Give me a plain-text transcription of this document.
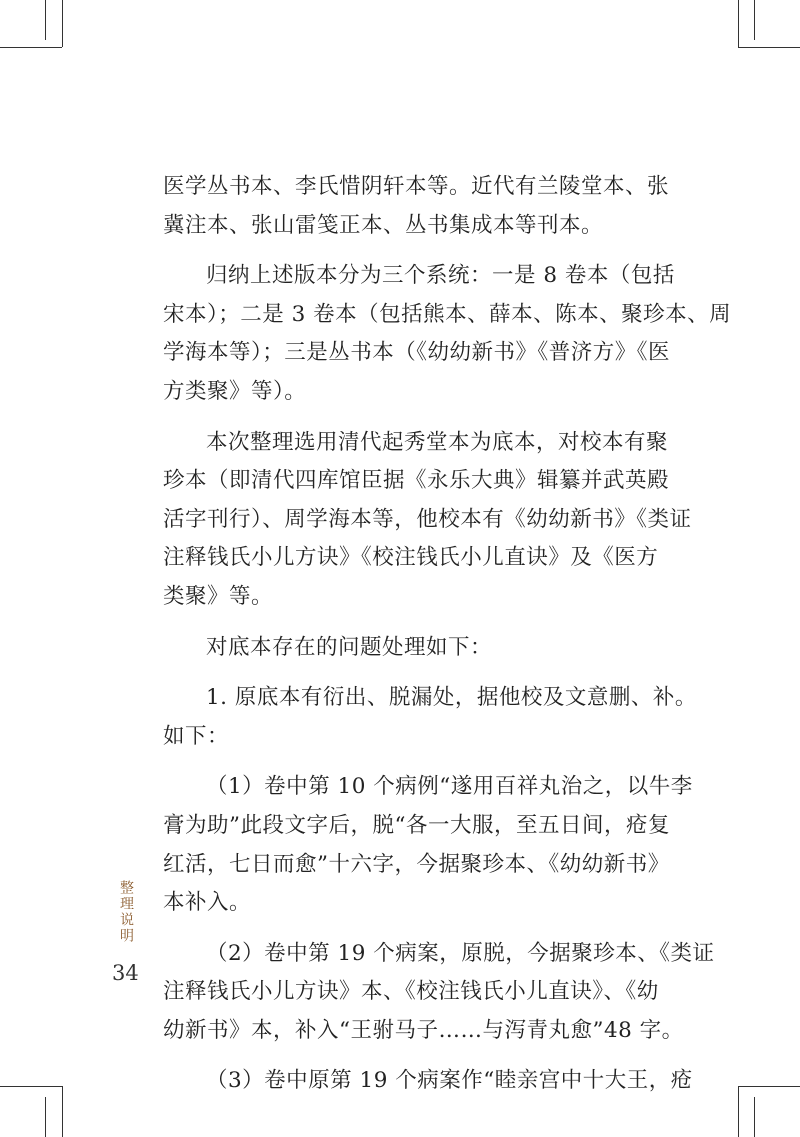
医学丛书本、李氏惜阴轩本等。近代有兰陵堂本、张
冀注本、张山雷笺正本、丛书集成本等刊本。
归纳上述版本分为三个系统：一是 8 卷本（包括
宋本）；二是 3 卷本（包括熊本、薛本、陈本、聚珍本、周
学海本等）；三是丛书本（《幼幼新书》《普济方》《医
方类聚》等）。
本次整理选用清代起秀堂本为底本，对校本有聚
珍本（即清代四库馆臣据《永乐大典》辑纂并武英殿
活字刊行）、周学海本等，他校本有《幼幼新书》《类证
注释钱氏小儿方诀》《校注钱氏小儿直诀》及《医方
类聚》等。
对底本存在的问题处理如下：
1. 原底本有衍出、脱漏处，据他校及文意删、补。
如下：
（1）卷中第 10 个病例“遂用百祥丸治之，以牛李
膏为助”此段文字后，脱“各一大服，至五日间，疮复
红活，七日而愈”十六字，今据聚珍本、《幼幼新书》
本补入。
（2）卷中第 19 个病案，原脱，今据聚珍本、《类证
注释钱氏小儿方诀》本、《校注钱氏小儿直诀》、《幼
幼新书》本，补入“王驸马子……与泻青丸愈”48 字。
（3）卷中原第 19 个病案作“睦亲宫中十大王，疮
整理说明
34
